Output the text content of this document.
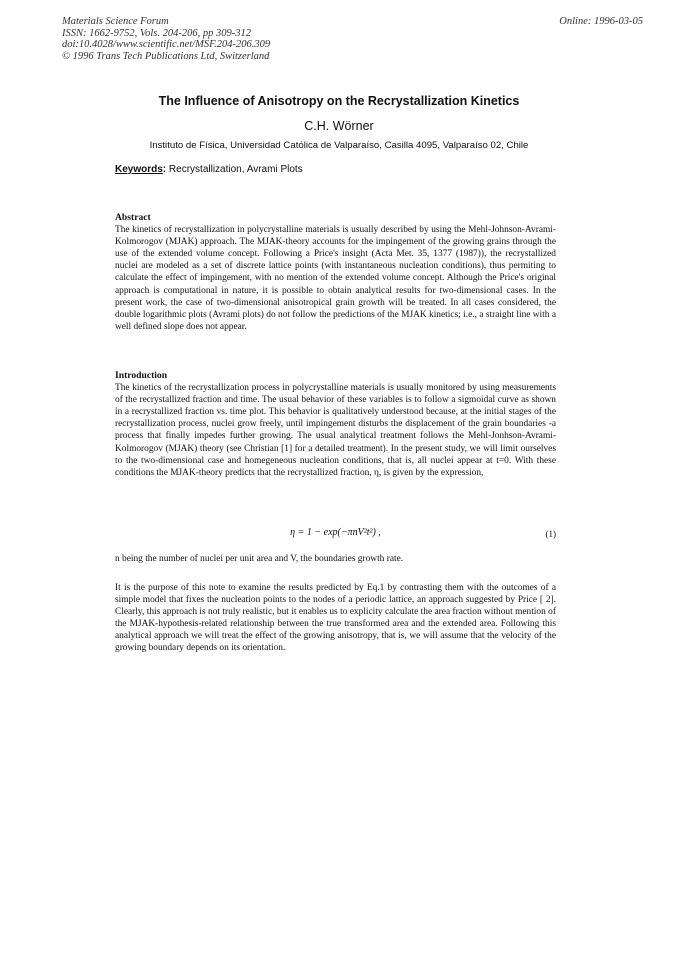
Materials Science Forum
ISSN: 1662-9752, Vols. 204-206, pp 309-312
doi:10.4028/www.scientific.net/MSF.204-206.309
© 1996 Trans Tech Publications Ltd, Switzerland
Online: 1996-03-05
The Influence of Anisotropy on the Recrystallization Kinetics
C.H. Wörner
Instituto de Física, Universidad Católica de Valparaíso, Casilla 4095, Valparaíso 02, Chile
Keywords: Recrystallization, Avrami Plots
Abstract

The kinetics of recrystallization in polycrystalline materials is usually described by using the Mehl-Johnson-Avrami-Kolmorogov (MJAK) approach. The MJAK-theory accounts for the impingement of the growing grains through the use of the extended volume concept. Following a Price's insight (Acta Met. 35, 1377 (1987)), the recrystallized nuclei are modeled as a set of discrete lattice points (with instantaneous nucleation conditions), thus permiting to calculate the effect of impingement, with no mention of the extended volume concept. Although the Price's original approach is computational in nature, it is possible to obtain analytical results for two-dimensional cases. In the present work, the case of two-dimensional anisotropical grain growth will be treated. In all cases considered, the double logarithmic plots (Avrami plots) do not follow the predictions of the MJAK kinetics; i.e., a straight line with a well defined slope does not appear.

Introduction

The kinetics of the recrystallization process in polycrystalline materials is usually monitored by using measurements of the recrystallized fraction and time. The usual behavior of these variables is to follow a sigmoidal curve as shown in a recrystallized fraction vs. time plot. This behavior is qualitatively understood because, at the initial stages of the recrystallization process, nuclei grow freely, until impingement disturbs the displacement of the grain boundaries -a process that finally impedes further growing. The usual analytical treatment follows the Mehl-Jonhson-Avrami-Kolmorogov (MJAK) theory (see Christian [1] for a detailed treatment). In the present study, we will limit ourselves to the two-dimensional case and homegeneous nucleation conditions, that is, all nuclei appear at t=0. With these conditions the MJAK-theory predicts that the recrystallized fraction, η, is given by the expression,

η = 1 − exp(−πnV²t²) ,	(1)

n being the number of nuclei per unit area and V, the boundaries growth rate.

It is the purpose of this note to examine the results predicted by Eq.1 by contrasting them with the outcomes of a simple model that fixes the nucleation points to the nodes of a periodic lattice, an approach suggested by Price [ 2]. Clearly, this approach is not truly realistic, but it enables us to explicity calculate the area fraction without mention of the MJAK-hypothesis-related relationship between the true transformed area and the extended area. Following this analytical approach we will treat the effect of the growing anisotropy, that is, we will assume that the velocity of the growing boundary depends on its orientation.
